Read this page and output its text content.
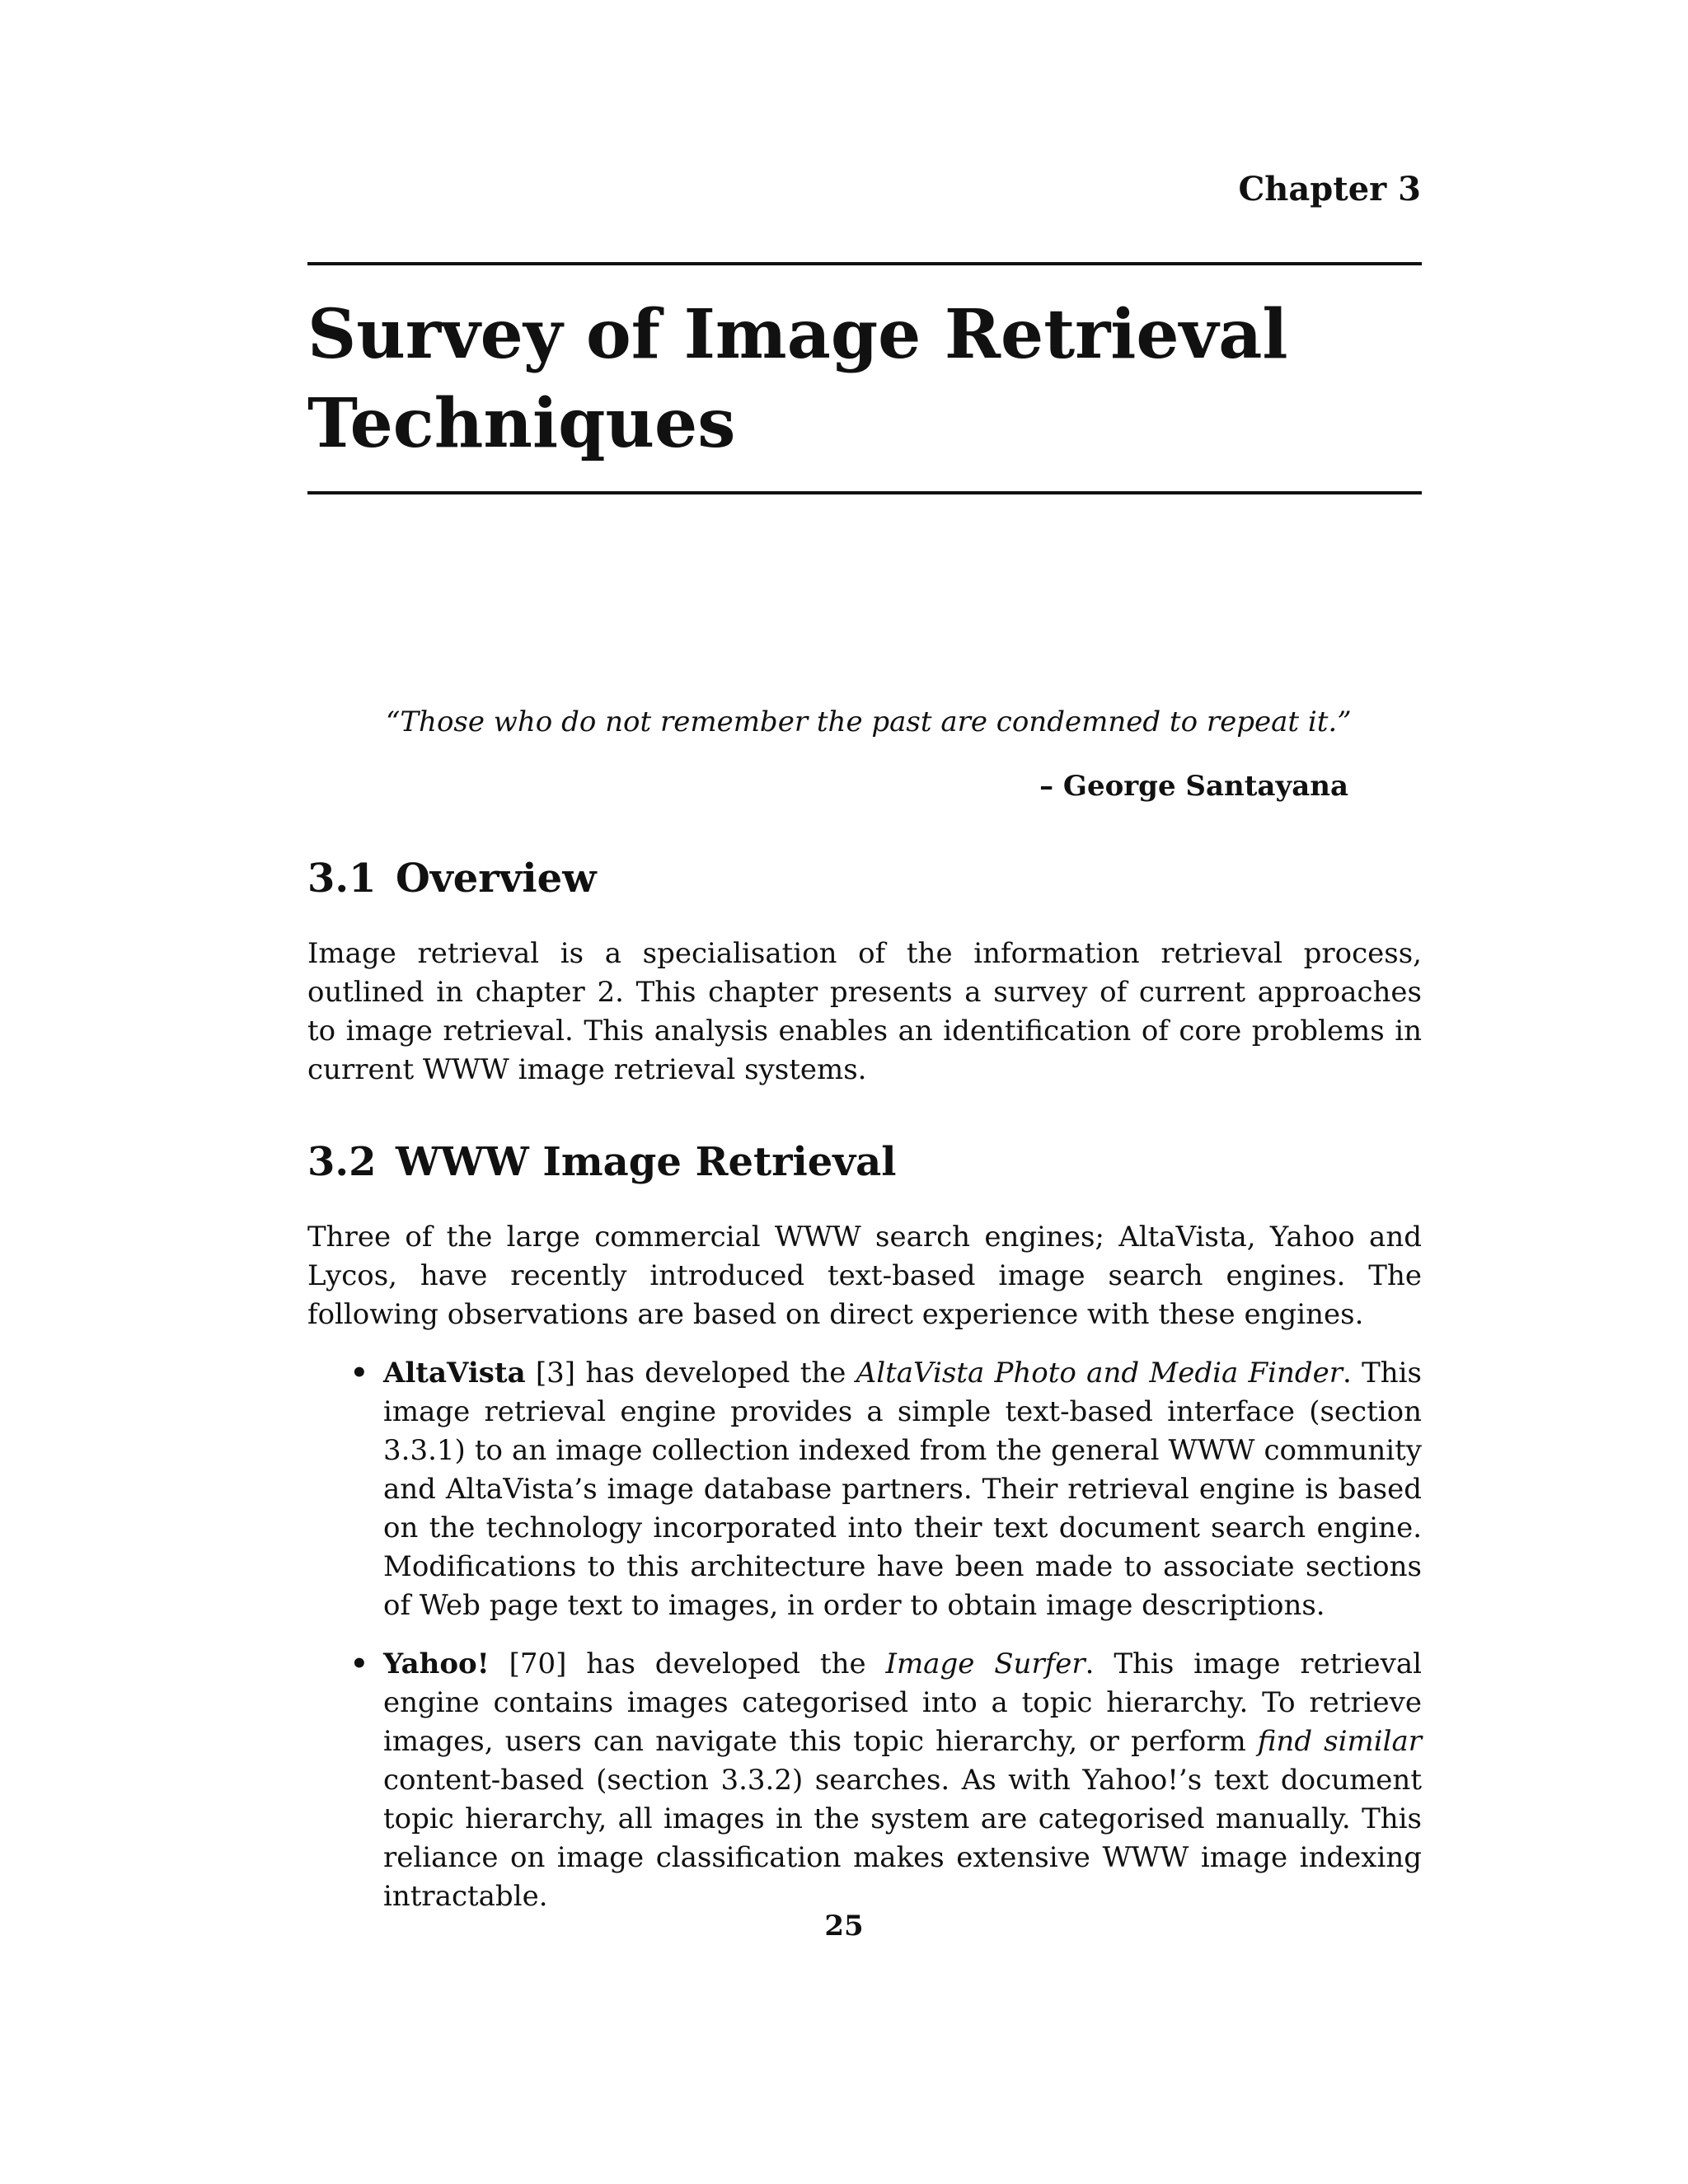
Chapter 3
Survey of Image Retrieval
Techniques

“Those who do not remember the past are condemned to repeat it.”

– George Santayana

3.1 Overview

Image retrieval is a specialisation of the information retrieval process, outlined in chapter 2. This chapter presents a survey of current approaches to image retrieval. This analysis enables an identification of core problems in current WWW image retrieval systems.

3.2 WWW Image Retrieval

Three of the large commercial WWW search engines; AltaVista, Yahoo and Lycos, have recently introduced text-based image search engines. The following observations are based on direct experience with these engines.

• AltaVista [3] has developed the AltaVista Photo and Media Finder. This image retrieval engine provides a simple text-based interface (section 3.3.1) to an image collection indexed from the general WWW community and AltaVista’s image database partners. Their retrieval engine is based on the technology incorporated into their text document search engine. Modifications to this architecture have been made to associate sections of Web page text to images, in order to obtain image descriptions.
• Yahoo! [70] has developed the Image Surfer. This image retrieval engine contains images categorised into a topic hierarchy. To retrieve images, users can navigate this topic hierarchy, or perform find similar content-based (section 3.3.2) searches. As with Yahoo!’s text document topic hierarchy, all images in the system are categorised manually. This reliance on image classification makes extensive WWW image indexing intractable.
25
